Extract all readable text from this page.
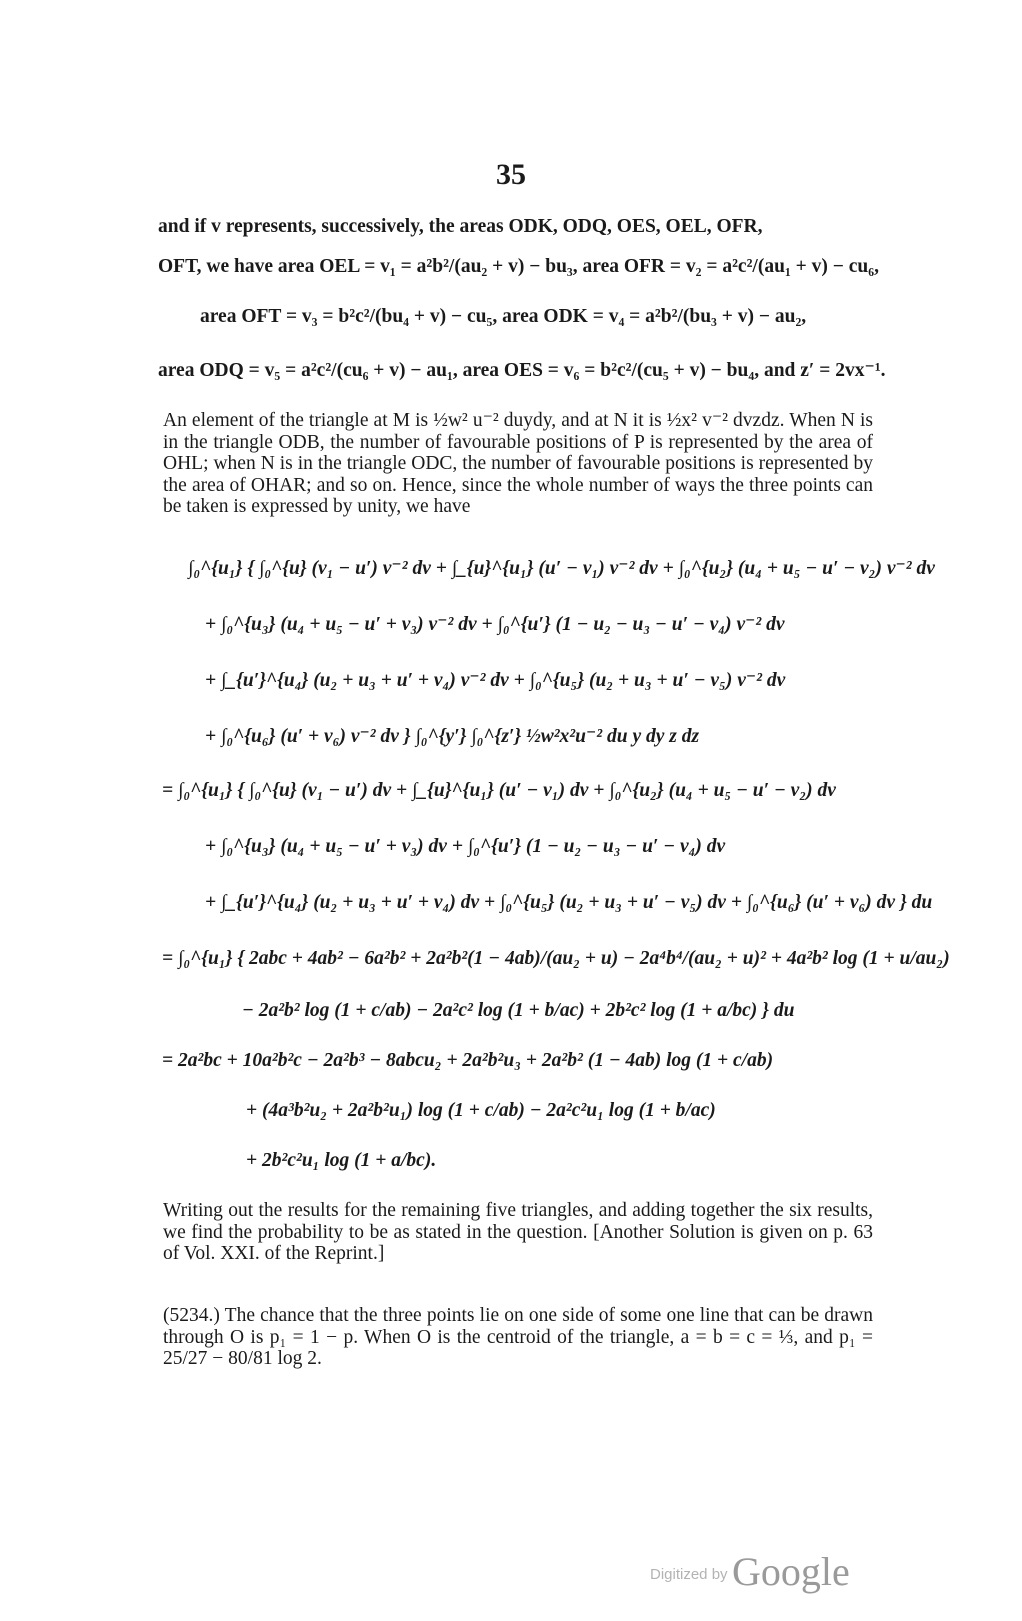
35
and if v represents, successively, the areas ODK, ODQ, OES, OEL, OFR,
OFT, we have area OEL = v₁ = a²b²/(au₂ + v) − bu₃, area OFR = v₂ = a²c²/(au₁ + v) − cu₆,
area OFT = v₃ = b²c²/(bu₄ + v) − cu₅, area ODK = v₄ = a²b²/(bu₃ + v) − au₂,
area ODQ = v₅ = a²c²/(cu₆ + v) − au₁, area OES = v₆ = b²c²/(cu₅ + v) − bu₄, and z′ = 2vx⁻¹.
An element of the triangle at M is ½w² u⁻² duydy, and at N it is ½x² v⁻² dvzdz. When N is in the triangle ODB, the number of favourable positions of P is represented by the area of OHL; when N is in the triangle ODC, the number of favourable positions is represented by the area of OHAR; and so on. Hence, since the whole number of ways the three points can be taken is expressed by unity, we have
∫₀^{u₁} { ∫₀^{u} (v₁ − u′) v⁻² dv + ∫_{u}^{u₁} (u′ − v₁) v⁻² dv + ∫₀^{u₂} (u₄ + u₅ − u′ − v₂) v⁻² dv
+ ∫₀^{u₃} (u₄ + u₅ − u′ + v₃) v⁻² dv + ∫₀^{u′} (1 − u₂ − u₃ − u′ − v₄) v⁻² dv
+ ∫_{u′}^{u₄} (u₂ + u₃ + u′ + v₄) v⁻² dv + ∫₀^{u₅} (u₂ + u₃ + u′ − v₅) v⁻² dv
+ ∫₀^{u₆} (u′ + v₆) v⁻² dv } ∫₀^{y′} ∫₀^{z′} ½w²x²u⁻² du y dy z dz
= ∫₀^{u₁} { ∫₀^{u} (v₁ − u′) dv + ∫_{u}^{u₁} (u′ − v₁) dv + ∫₀^{u₂} (u₄ + u₅ − u′ − v₂) dv
+ ∫₀^{u₃} (u₄ + u₅ − u′ + v₃) dv + ∫₀^{u′} (1 − u₂ − u₃ − u′ − v₄) dv
+ ∫_{u′}^{u₄} (u₂ + u₃ + u′ + v₄) dv + ∫₀^{u₅} (u₂ + u₃ + u′ − v₅) dv + ∫₀^{u₆} (u′ + v₆) dv } du
= ∫₀^{u₁} { 2abc + 4ab² − 6a²b² + 2a²b²(1 − 4ab)/(au₂ + u) − 2a⁴b⁴/(au₂ + u)² + 4a²b² log (1 + u/au₂)
− 2a²b² log (1 + c/ab) − 2a²c² log (1 + b/ac) + 2b²c² log (1 + a/bc) } du
= 2a²bc + 10a²b²c − 2a²b³ − 8abcu₂ + 2a²b²u₃ + 2a²b² (1 − 4ab) log (1 + c/ab)
+ (4a³b²u₂ + 2a²b²u₁) log (1 + c/ab) − 2a²c²u₁ log (1 + b/ac)
+ 2b²c²u₁ log (1 + a/bc).
Writing out the results for the remaining five triangles, and adding together the six results, we find the probability to be as stated in the question. [Another Solution is given on p. 63 of Vol. XXI. of the Reprint.]
(5234.) The chance that the three points lie on one side of some one line that can be drawn through O is p₁ = 1 − p. When O is the centroid of the triangle, a = b = c = ⅓, and p₁ = 25/27 − 80/81 log 2.
Digitized by Google
